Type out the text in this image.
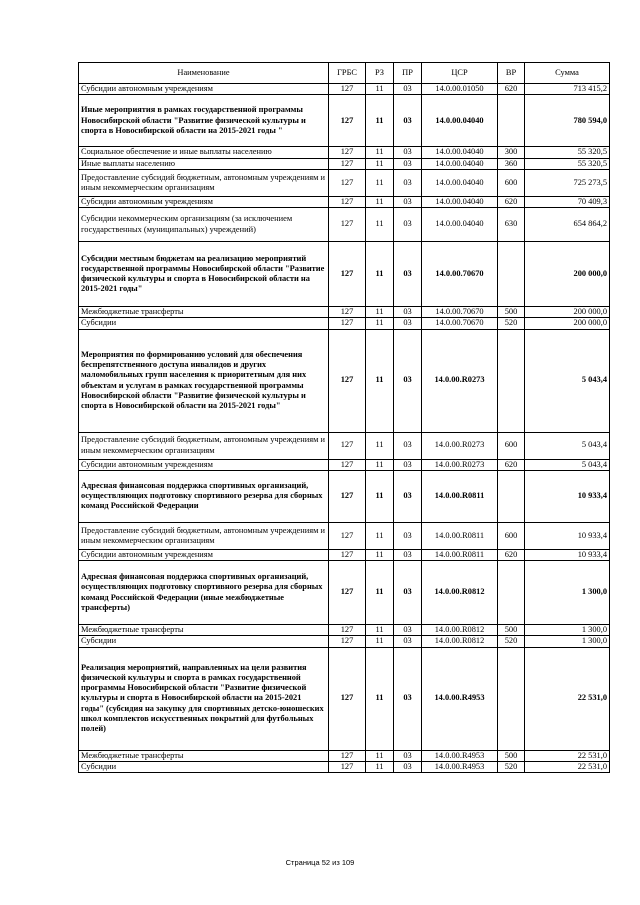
Наименование	ГРБС	РЗ	ПР	ЦСР	ВР	Сумма
Субсидии автономным учреждениям	127	11	03	14.0.00.01050	620	713 415,2
Иные мероприятия в рамках государственной программы Новосибирской области "Развитие физической культуры и спорта в Новосибирской области на 2015-2021 годы "	127	11	03	14.0.00.04040		780 594,0
Социальное обеспечение и иные выплаты населению	127	11	03	14.0.00.04040	300	55 320,5
Иные выплаты населению	127	11	03	14.0.00.04040	360	55 320,5
Предоставление субсидий бюджетным, автономным учреждениям и иным некоммерческим организациям	127	11	03	14.0.00.04040	600	725 273,5
Субсидии автономным учреждениям	127	11	03	14.0.00.04040	620	70 409,3
Субсидии некоммерческим организациям (за исключением государственных (муниципальных) учреждений)	127	11	03	14.0.00.04040	630	654 864,2
Субсидии местным бюджетам на реализацию мероприятий государственной программы Новосибирской области "Развитие физической культуры и спорта в Новосибирской области на 2015-2021 годы"	127	11	03	14.0.00.70670		200 000,0
Межбюджетные трансферты	127	11	03	14.0.00.70670	500	200 000,0
Субсидии	127	11	03	14.0.00.70670	520	200 000,0
Мероприятия по формированию условий для обеспечения беспрепятственного доступа инвалидов и других маломобильных групп населения к приоритетным для них объектам и услугам в рамках государственной программы Новосибирской области "Развитие физической культуры и спорта в Новосибирской области на 2015-2021 годы"	127	11	03	14.0.00.R0273		5 043,4
Предоставление субсидий бюджетным, автономным учреждениям и иным некоммерческим организациям	127	11	03	14.0.00.R0273	600	5 043,4
Субсидии автономным учреждениям	127	11	03	14.0.00.R0273	620	5 043,4
Адресная финансовая поддержка спортивных организаций, осуществляющих подготовку спортивного резерва для сборных команд Российской Федерации	127	11	03	14.0.00.R0811		10 933,4
Предоставление субсидий бюджетным, автономным учреждениям и иным некоммерческим организациям	127	11	03	14.0.00.R0811	600	10 933,4
Субсидии автономным учреждениям	127	11	03	14.0.00.R0811	620	10 933,4
Адресная финансовая поддержка спортивных организаций, осуществляющих подготовку спортивного резерва для сборных команд Российской Федерации (иные межбюджетные трансферты)	127	11	03	14.0.00.R0812		1 300,0
Межбюджетные трансферты	127	11	03	14.0.00.R0812	500	1 300,0
Субсидии	127	11	03	14.0.00.R0812	520	1 300,0
Реализация мероприятий, направленных на цели развития физической культуры и спорта в рамках государственной программы Новосибирской области "Развитие физической культуры и спорта в Новосибирской области на 2015-2021 годы" (субсидия на закупку для спортивных детско-юношеских школ комплектов искусственных покрытий для футбольных полей)	127	11	03	14.0.00.R4953		22 531,0
Межбюджетные трансферты	127	11	03	14.0.00.R4953	500	22 531,0
Субсидии	127	11	03	14.0.00.R4953	520	22 531,0
Страница 52 из 109
